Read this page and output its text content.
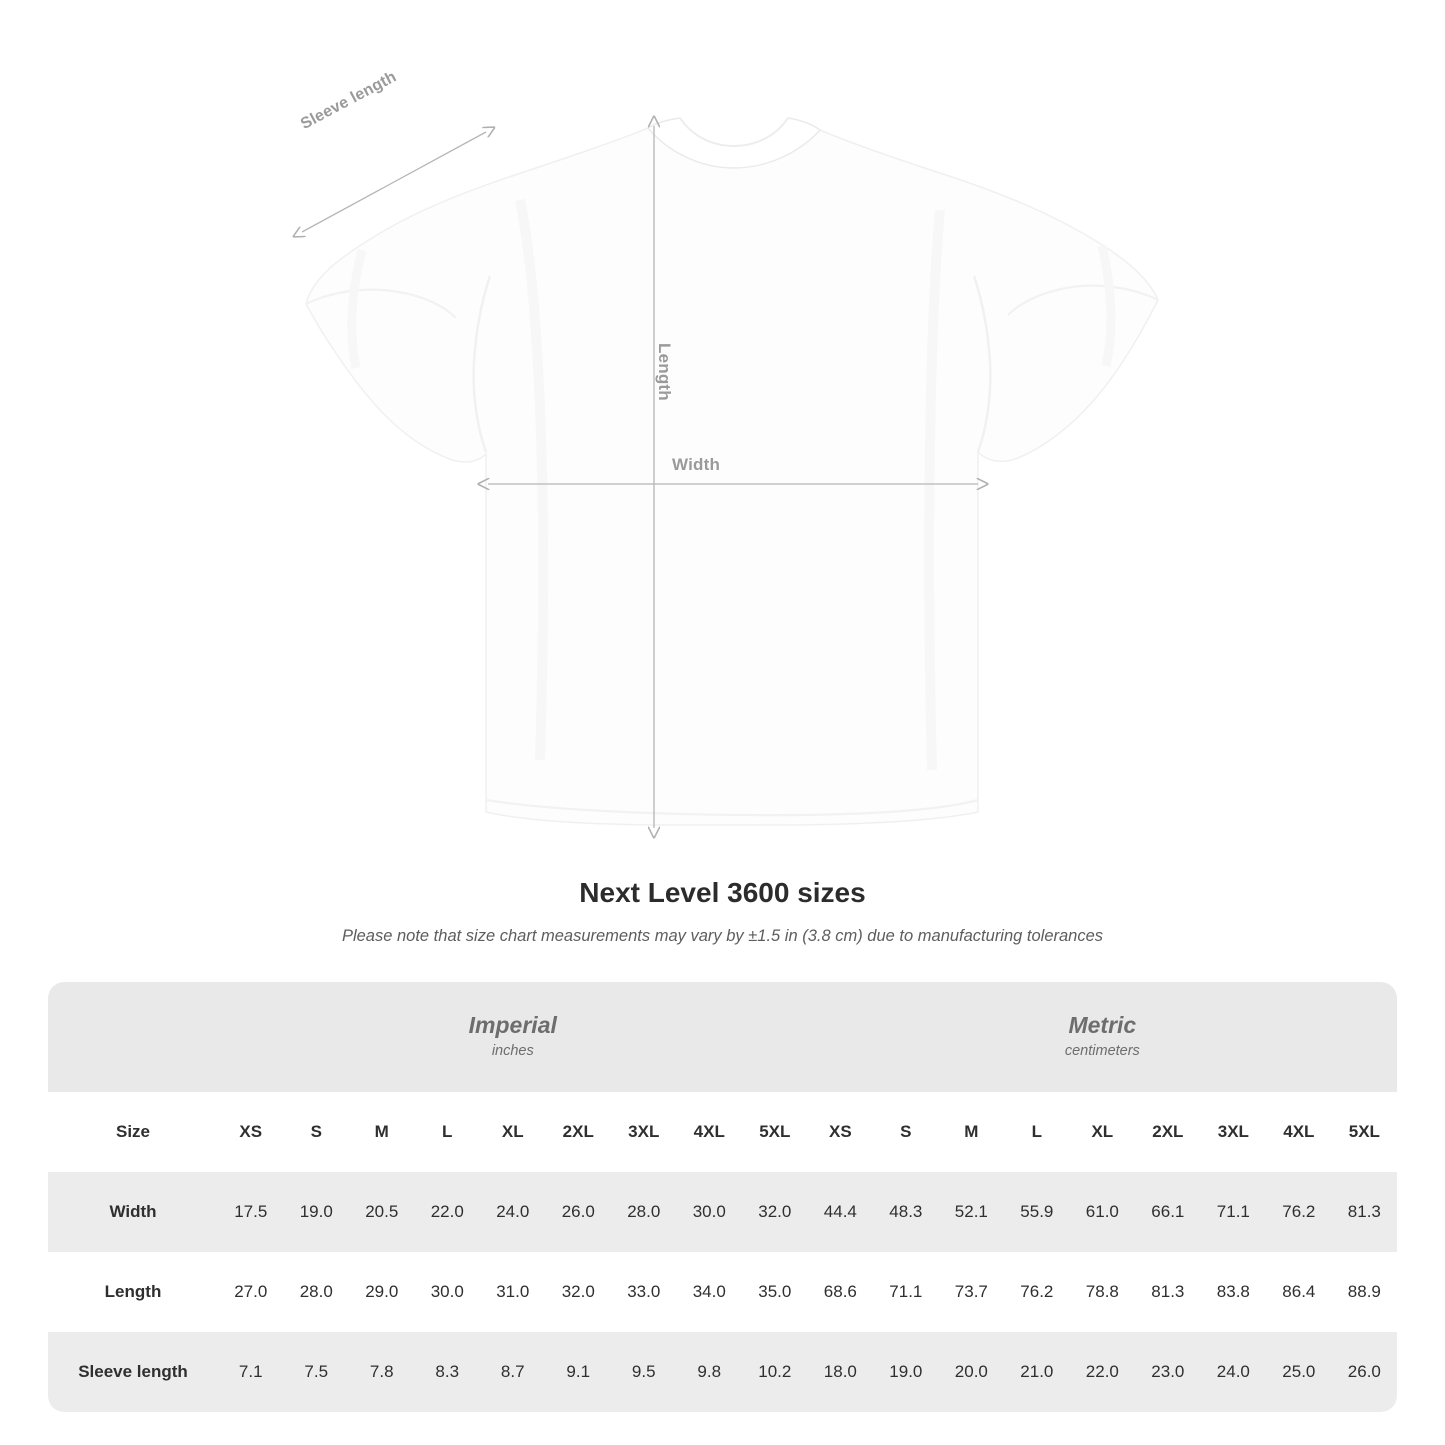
Sleeve length
Length
Width
Next Level 3600 sizes
Please note that size chart measurements may vary by ±1.5 in (3.8 cm) due to manufacturing tolerances

Imperial
inches

Metric
centimeters

Size	XS	S	M	L	XL	2XL	3XL	4XL	5XL	XS	S	M	L	XL	2XL	3XL	4XL	5XL
Width	17.5	19.0	20.5	22.0	24.0	26.0	28.0	30.0	32.0	44.4	48.3	52.1	55.9	61.0	66.1	71.1	76.2	81.3
Length	27.0	28.0	29.0	30.0	31.0	32.0	33.0	34.0	35.0	68.6	71.1	73.7	76.2	78.8	81.3	83.8	86.4	88.9
Sleeve length	7.1	7.5	7.8	8.3	8.7	9.1	9.5	9.8	10.2	18.0	19.0	20.0	21.0	22.0	23.0	24.0	25.0	26.0
